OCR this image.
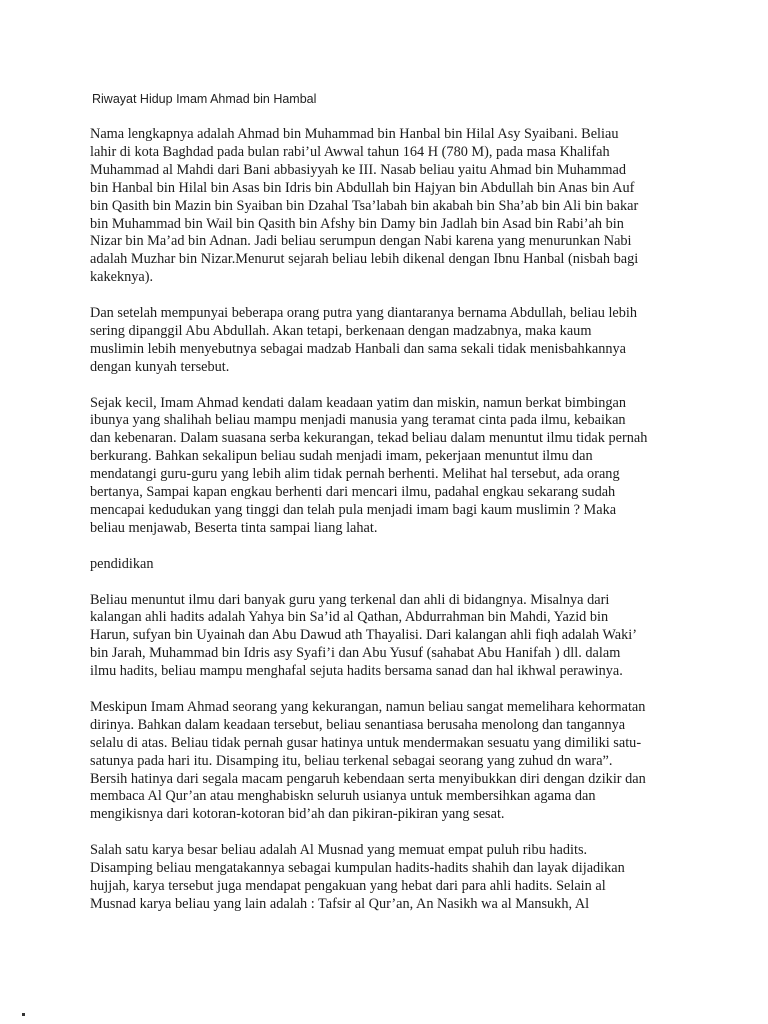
Riwayat Hidup Imam Ahmad bin Hambal

Nama lengkapnya adalah Ahmad bin Muhammad bin Hanbal bin Hilal Asy Syaibani. Beliau
lahir di kota Baghdad pada bulan rabi’ul Awwal tahun 164 H (780 M), pada masa Khalifah
Muhammad al Mahdi dari Bani abbasiyyah ke III. Nasab beliau yaitu Ahmad bin Muhammad
bin Hanbal bin Hilal bin Asas bin Idris bin Abdullah bin Hajyan bin Abdullah bin Anas bin Auf
bin Qasith bin Mazin bin Syaiban bin Dzahal Tsa’labah bin akabah bin Sha’ab bin Ali bin bakar
bin Muhammad bin Wail bin Qasith bin Afshy bin Damy bin Jadlah bin Asad bin Rabi’ah bin
Nizar bin Ma’ad bin Adnan. Jadi beliau serumpun dengan Nabi karena yang menurunkan Nabi
adalah Muzhar bin Nizar.Menurut sejarah beliau lebih dikenal dengan Ibnu Hanbal (nisbah bagi
kakeknya).

Dan setelah mempunyai beberapa orang putra yang diantaranya bernama Abdullah, beliau lebih
sering dipanggil Abu Abdullah. Akan tetapi, berkenaan dengan madzabnya, maka kaum
muslimin lebih menyebutnya sebagai madzab Hanbali dan sama sekali tidak menisbahkannya
dengan kunyah tersebut.

Sejak kecil, Imam Ahmad kendati dalam keadaan yatim dan miskin, namun berkat bimbingan
ibunya yang shalihah beliau mampu menjadi manusia yang teramat cinta pada ilmu, kebaikan
dan kebenaran. Dalam suasana serba kekurangan, tekad beliau dalam menuntut ilmu tidak pernah
berkurang. Bahkan sekalipun beliau sudah menjadi imam, pekerjaan menuntut ilmu dan
mendatangi guru-guru yang lebih alim tidak pernah berhenti. Melihat hal tersebut, ada orang
bertanya, Sampai kapan engkau berhenti dari mencari ilmu, padahal engkau sekarang sudah
mencapai kedudukan yang tinggi dan telah pula menjadi imam bagi kaum muslimin ? Maka
beliau menjawab, Beserta tinta sampai liang lahat.

pendidikan

Beliau menuntut ilmu dari banyak guru yang terkenal dan ahli di bidangnya. Misalnya dari
kalangan ahli hadits adalah Yahya bin Sa’id al Qathan, Abdurrahman bin Mahdi, Yazid bin
Harun, sufyan bin Uyainah dan Abu Dawud ath Thayalisi. Dari kalangan ahli fiqh adalah Waki’
bin Jarah, Muhammad bin Idris asy Syafi’i dan Abu Yusuf (sahabat Abu Hanifah ) dll. dalam
ilmu hadits, beliau mampu menghafal sejuta hadits bersama sanad dan hal ikhwal perawinya.

Meskipun Imam Ahmad seorang yang kekurangan, namun beliau sangat memelihara kehormatan
dirinya. Bahkan dalam keadaan tersebut, beliau senantiasa berusaha menolong dan tangannya
selalu di atas. Beliau tidak pernah gusar hatinya untuk mendermakan sesuatu yang dimiliki satu-
satunya pada hari itu. Disamping itu, beliau terkenal sebagai seorang yang zuhud dn wara”.
Bersih hatinya dari segala macam pengaruh kebendaan serta menyibukkan diri dengan dzikir dan
membaca Al Qur’an atau menghabiskn seluruh usianya untuk membersihkan agama dan
mengikisnya dari kotoran-kotoran bid’ah dan pikiran-pikiran yang sesat.

Salah satu karya besar beliau adalah Al Musnad yang memuat empat puluh ribu hadits.
Disamping beliau mengatakannya sebagai kumpulan hadits-hadits shahih dan layak dijadikan
hujjah, karya tersebut juga mendapat pengakuan yang hebat dari para ahli hadits. Selain al
Musnad karya beliau yang lain adalah : Tafsir al Qur’an, An Nasikh wa al Mansukh, Al
